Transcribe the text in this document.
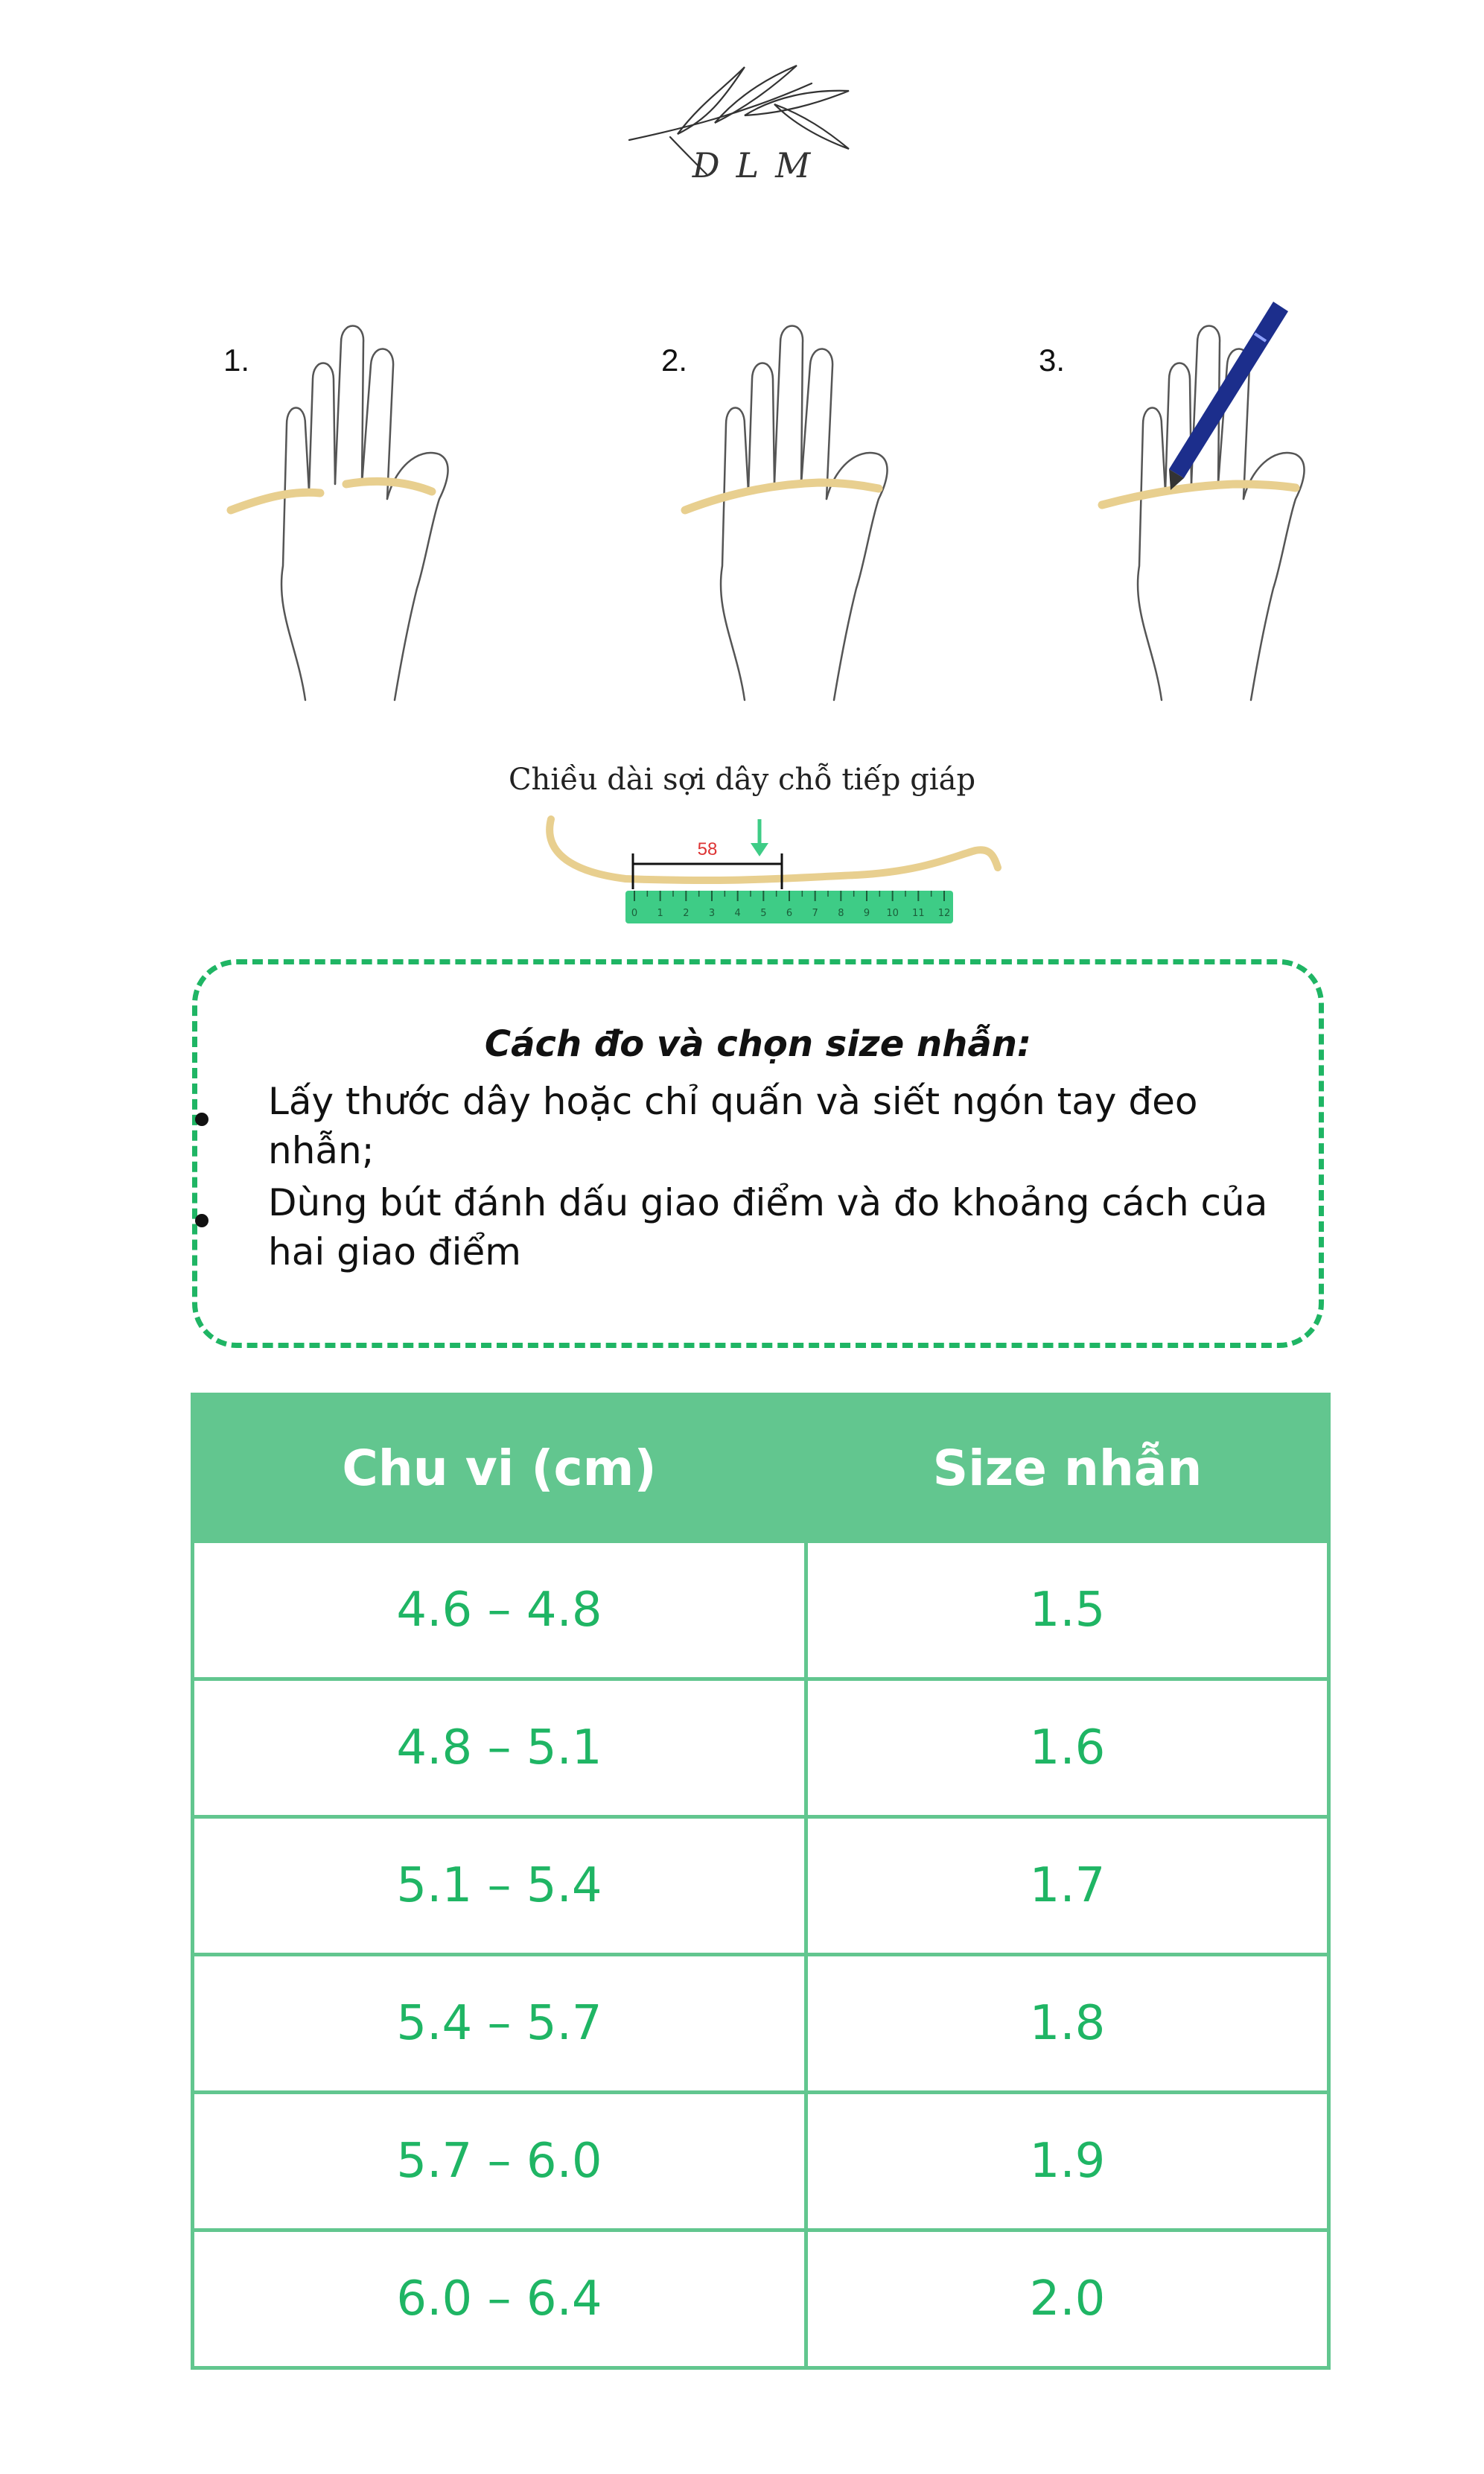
DLM
1.	2.	3.
Chiều dài sợi dây chỗ tiếp giáp
58
0 1 2 3 4 5 6 7 8 9 10 11 12
Cách đo và chọn size nhẫn:
Lấy thước dây hoặc chỉ quấn và siết ngón tay đeo nhẫn;
Dùng bút đánh dấu giao điểm và đo khoảng cách của hai giao điểm
Chu vi (cm)	Size nhẫn
4.6 – 4.8	1.5
4.8 – 5.1	1.6
5.1 – 5.4	1.7
5.4 – 5.7	1.8
5.7 – 6.0	1.9
6.0 – 6.4	2.0
